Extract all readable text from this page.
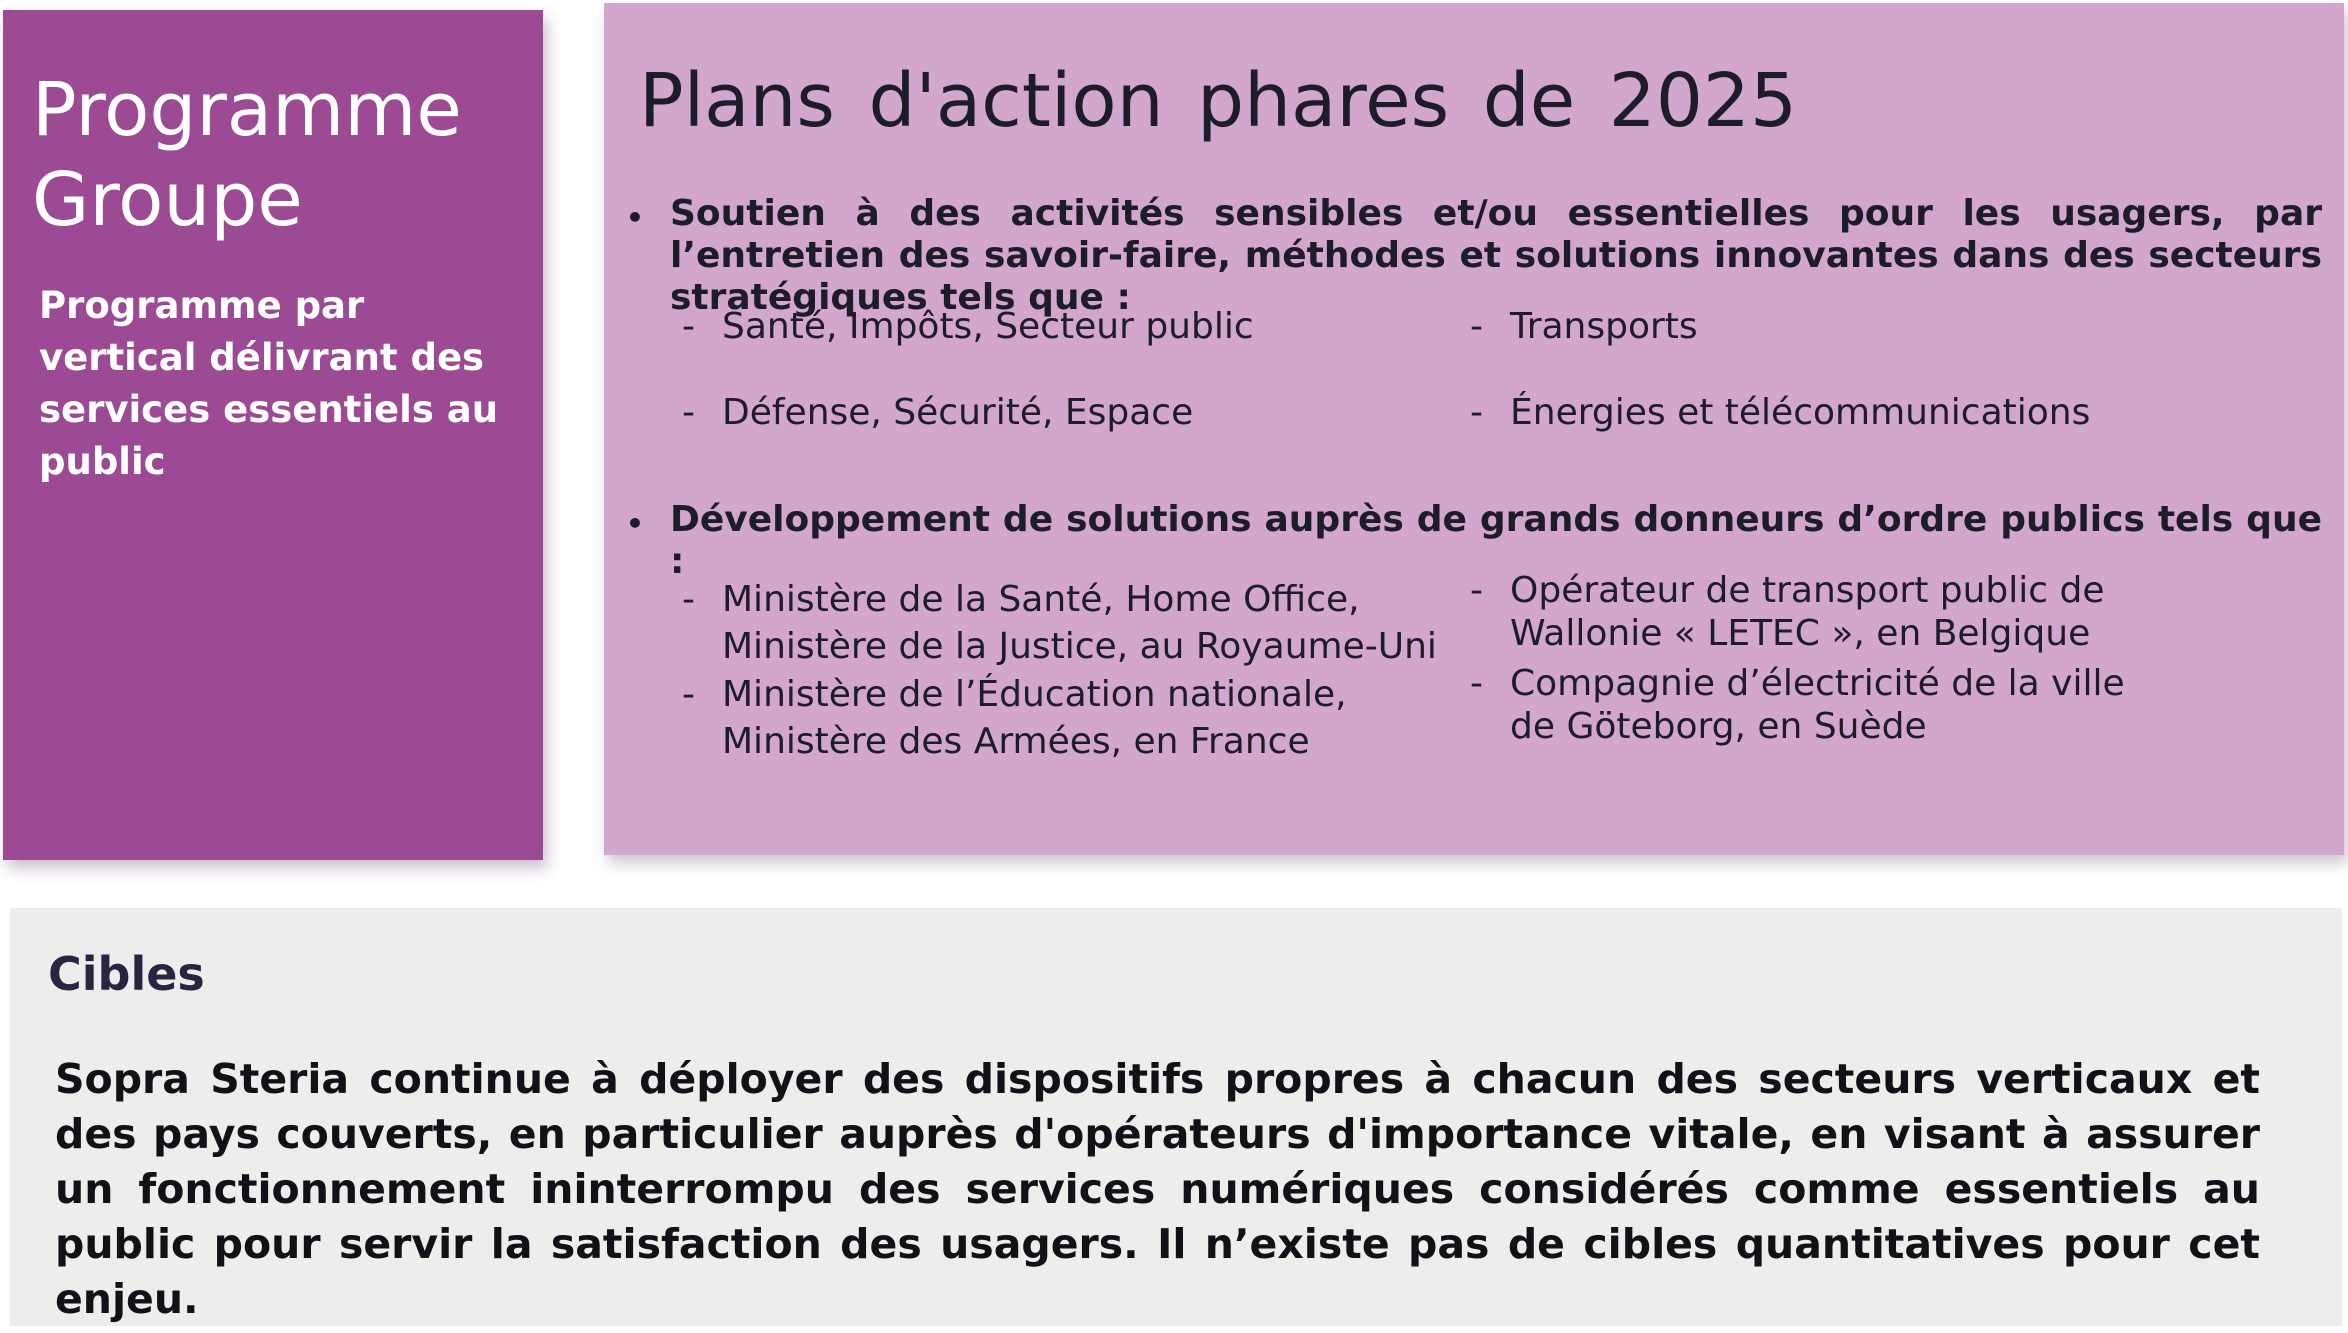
Programme
Groupe
Programme par vertical délivrant des services essentiels au public
Plans d'action phares de 2025
• Soutien à des activités sensibles et/ou essentielles pour les usagers, par l’entretien des savoir-faire, méthodes et solutions innovantes dans des secteurs stratégiques tels que :
- Santé, Impôts, Secteur public
- Défense, Sécurité, Espace
- Transports
- Énergies et télécommunications
• Développement de solutions auprès de grands donneurs d’ordre publics tels que :
- Ministère de la Santé, Home Office,
Ministère de la Justice, au Royaume-Uni
- Ministère de l’Éducation nationale,
Ministère des Armées, en France
- Opérateur de transport public de
Wallonie « LETEC », en Belgique
- Compagnie d’électricité de la ville
de Göteborg, en Suède
Cibles
Sopra Steria continue à déployer des dispositifs propres à chacun des secteurs verticaux et des pays couverts, en particulier auprès d'opérateurs d'importance vitale, en visant à assurer un fonctionnement ininterrompu des services numériques considérés comme essentiels au public pour servir la satisfaction des usagers. Il n’existe pas de cibles quantitatives pour cet enjeu.
